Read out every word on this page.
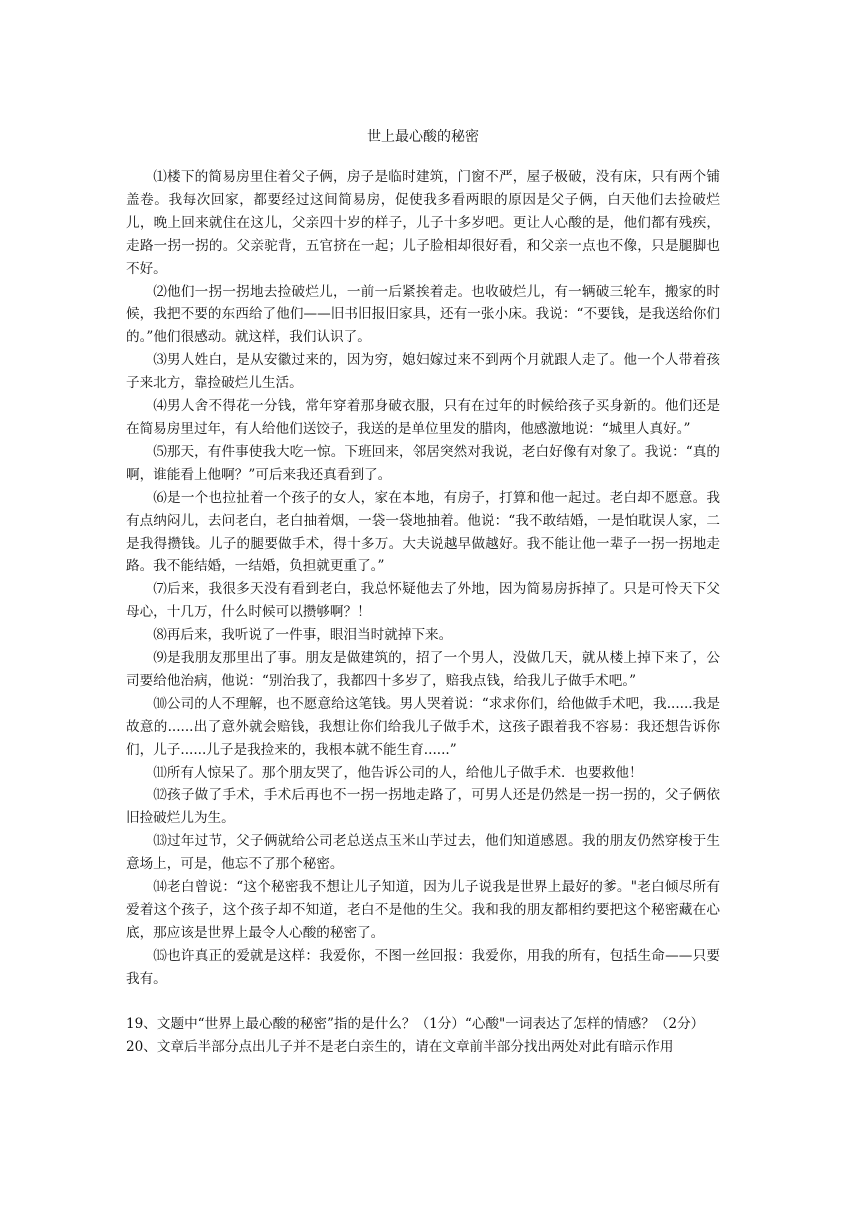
世上最心酸的秘密

⑴楼下的简易房里住着父子俩，房子是临时建筑，门窗不严，屋子极破，没有床，只有两个铺盖卷。我每次回家，都要经过这间简易房，促使我多看两眼的原因是父子俩，白天他们去捡破烂儿，晚上回来就住在这儿，父亲四十岁的样子，儿子十多岁吧。更让人心酸的是，他们都有残疾，走路一拐一拐的。父亲驼背，五官挤在一起；儿子脸相却很好看，和父亲一点也不像，只是腿脚也不好。

⑵他们一拐一拐地去捡破烂儿，一前一后紧挨着走。也收破烂儿，有一辆破三轮车，搬家的时候，我把不要的东西给了他们——旧书旧报旧家具，还有一张小床。我说：“不要钱，是我送给你们的。”他们很感动。就这样，我们认识了。

⑶男人姓白，是从安徽过来的，因为穷，媳妇嫁过来不到两个月就跟人走了。他一个人带着孩子来北方，靠捡破烂儿生活。

⑷男人舍不得花一分钱，常年穿着那身破衣服，只有在过年的时候给孩子买身新的。他们还是在简易房里过年，有人给他们送饺子，我送的是单位里发的腊肉，他感激地说：“城里人真好。”

⑸那天，有件事使我大吃一惊。下班回来，邻居突然对我说，老白好像有对象了。我说：“真的啊，谁能看上他啊？”可后来我还真看到了。

⑹是一个也拉扯着一个孩子的女人，家在本地，有房子，打算和他一起过。老白却不愿意。我有点纳闷儿，去问老白，老白抽着烟，一袋一袋地抽着。他说：“我不敢结婚，一是怕耽误人家，二是我得攒钱。儿子的腿要做手术，得十多万。大夫说越早做越好。我不能让他一辈子一拐一拐地走路。我不能结婚，一结婚，负担就更重了。”

⑺后来，我很多天没有看到老白，我总怀疑他去了外地，因为简易房拆掉了。只是可怜天下父母心，十几万，什么时候可以攒够啊？！

⑻再后来，我听说了一件事，眼泪当时就掉下来。

⑼是我朋友那里出了事。朋友是做建筑的，招了一个男人，没做几天，就从楼上掉下来了，公司要给他治病，他说：“别治我了，我都四十多岁了，赔我点钱，给我儿子做手术吧。”

⑽公司的人不理解，也不愿意给这笔钱。男人哭着说：“求求你们，给他做手术吧，我......我是故意的......出了意外就会赔钱，我想让你们给我儿子做手术，这孩子跟着我不容易：我还想告诉你们，儿子......儿子是我捡来的，我根本就不能生育......”

⑾所有人惊呆了。那个朋友哭了，他告诉公司的人，给他儿子做手术．也要救他！

⑿孩子做了手术，手术后再也不一拐一拐地走路了，可男人还是仍然是一拐一拐的，父子俩依旧捡破烂儿为生。

⒀过年过节，父子俩就给公司老总送点玉米山芋过去，他们知道感恩。我的朋友仍然穿梭于生意场上，可是，他忘不了那个秘密。

⒁老白曾说：“这个秘密我不想让儿子知道，因为儿子说我是世界上最好的爹。"老白倾尽所有爱着这个孩子，这个孩子却不知道，老白不是他的生父。我和我的朋友都相约要把这个秘密藏在心底，那应该是世界上最令人心酸的秘密了。

⒂也许真正的爱就是这样：我爱你，不图一丝回报：我爱你，用我的所有，包括生命——只要我有。

19、文题中“世界上最心酸的秘密”指的是什么？（1分）“心酸"一词表达了怎样的情感？（2分）

20、文章后半部分点出儿子并不是老白亲生的，请在文章前半部分找出两处对此有暗示作用
